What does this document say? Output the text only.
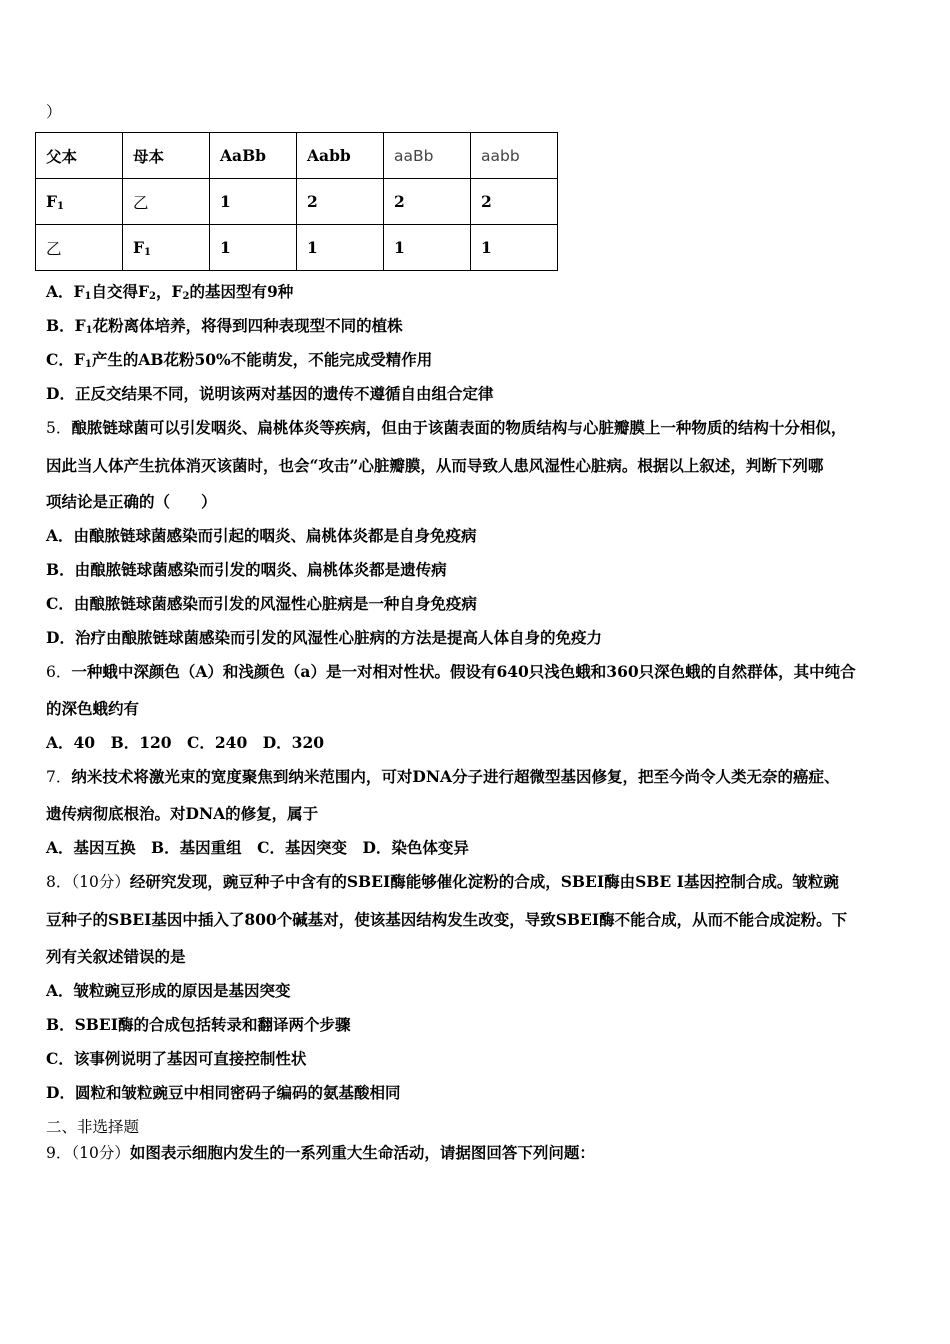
）
父本	母本	AaBb	Aabb	aaBb	aabb
$F_1$	乙	1	2	2	2
乙	$F_1$	1	1	1	1
A．$F_1$自交得$F_2$，$F_2$的基因型有9种
B．$F_1$花粉离体培养，将得到四种表现型不同的植株
C．$F_1$产生的AB花粉50%不能萌发，不能完成受精作用
D．正反交结果不同，说明该两对基因的遗传不遵循自由组合定律
5．酿脓链球菌可以引发咽炎、扁桃体炎等疾病，但由于该菌表面的物质结构与心脏瓣膜上一种物质的结构十分相似，
因此当人体产生抗体消灭该菌时，也会“攻击”心脏瓣膜，从而导致人患风湿性心脏病。根据以上叙述，判断下列哪
项结论是正确的（　　）
A．由酿脓链球菌感染而引起的咽炎、扁桃体炎都是自身免疫病
B．由酿脓链球菌感染而引发的咽炎、扁桃体炎都是遗传病
C．由酿脓链球菌感染而引发的风湿性心脏病是一种自身免疫病
D．治疗由酿脓链球菌感染而引发的风湿性心脏病的方法是提高人体自身的免疫力
6．一种蛾中深颜色（A）和浅颜色（a）是一对相对性状。假设有640只浅色蛾和360只深色蛾的自然群体，其中纯合
的深色蛾约有
A．40　B．120　C．240　D．320
7．纳米技术将激光束的宽度聚焦到纳米范围内，可对DNA分子进行超微型基因修复，把至今尚令人类无奈的癌症、
遗传病彻底根治。对DNA的修复，属于
A．基因互换　B．基因重组　C．基因突变　D．染色体变异
8．（10分）经研究发现，豌豆种子中含有的SBEI酶能够催化淀粉的合成，SBEI酶由SBE I基因控制合成。皱粒豌
豆种子的SBEI基因中插入了800个碱基对，使该基因结构发生改变，导致SBEI酶不能合成，从而不能合成淀粉。下
列有关叙述错误的是
A．皱粒豌豆形成的原因是基因突变
B．SBEI酶的合成包括转录和翻译两个步骤
C．该事例说明了基因可直接控制性状
D．圆粒和皱粒豌豆中相同密码子编码的氨基酸相同
二、非选择题
9．（10分）如图表示细胞内发生的一系列重大生命活动，请据图回答下列问题：
